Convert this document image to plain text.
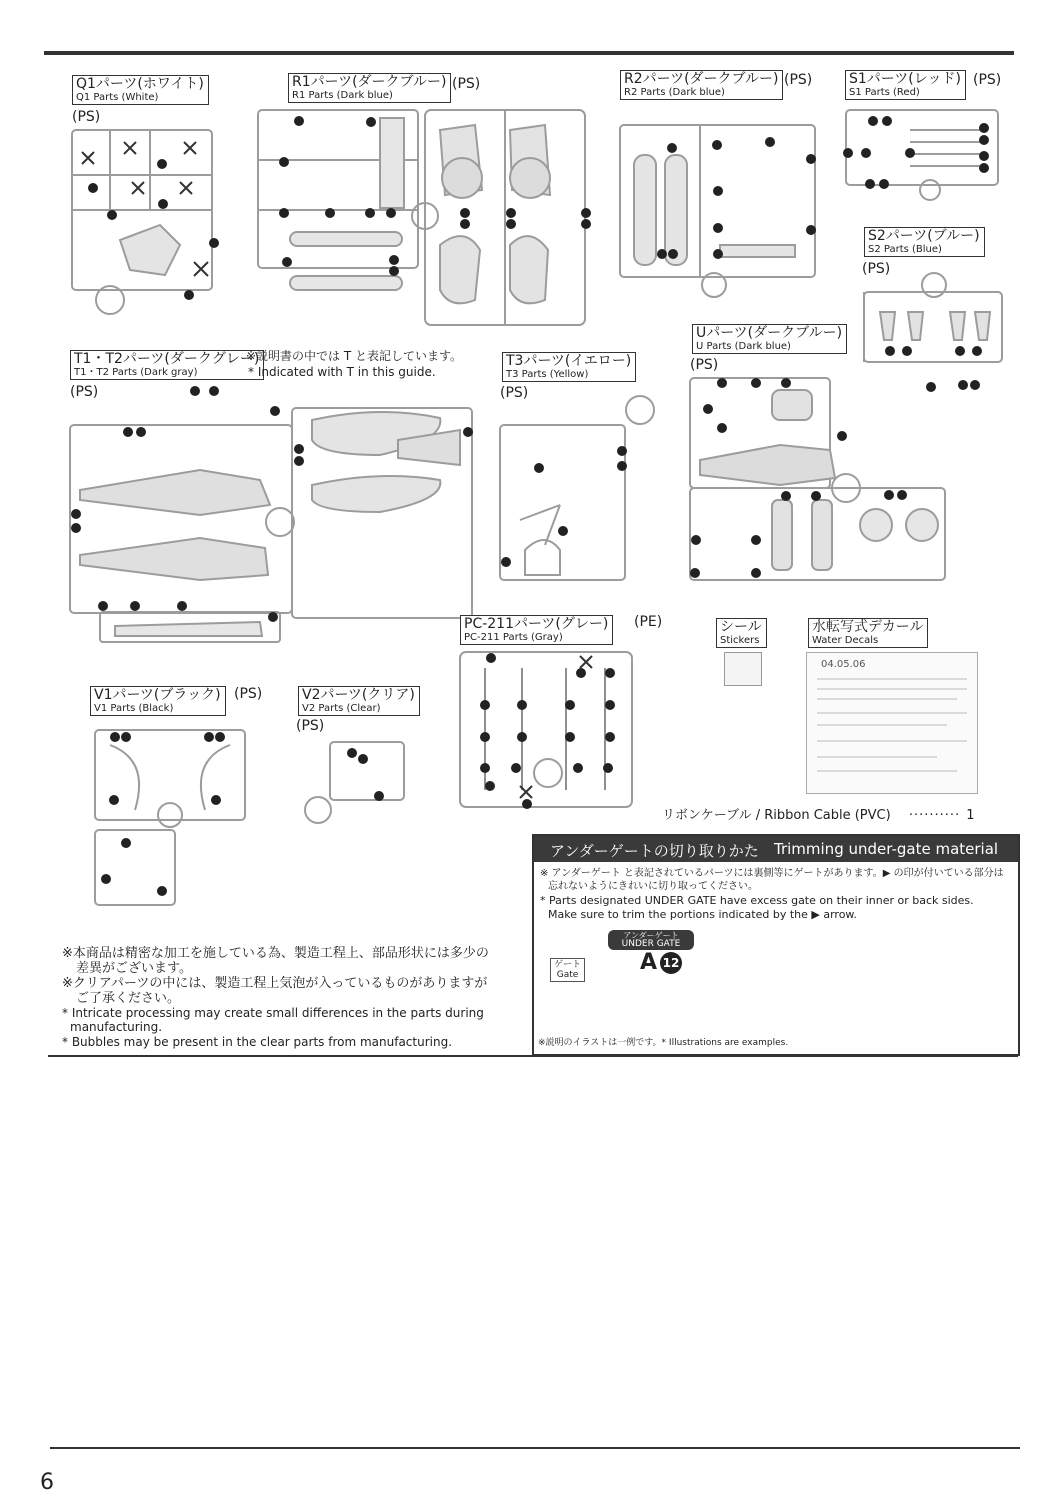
6
Q1パーツ(ホワイト)
Q1 Parts (White)
(PS)
R1パーツ(ダークブルー)
R1 Parts (Dark blue)
(PS)	R2パーツ(ダークブルー)
R2 Parts (Dark blue)
(PS)	S1パーツ(レッド)
S1 Parts (Red)
(PS)
S2パーツ(ブルー)
S2 Parts (Blue)
(PS)
T1・T2パーツ(ダークグレー)
T1・T2 Parts (Dark gray)
(PS)
※説明書の中では T と表記しています。
* Indicated with T in this guide.
T3パーツ(イエロー)
T3 Parts (Yellow)
(PS)
Uパーツ(ダークブルー)
U Parts (Dark blue)
(PS)
PC-211パーツ(グレー)
PC-211 Parts (Gray)
(PE)	シール
Stickers
水転写式デカール
Water Decals
04.05.06
V1パーツ(ブラック)
V1 Parts (Black)
(PS)	V2パーツ(クリア)
V2 Parts (Clear)
(PS)
リボンケーブル / Ribbon Cable (PVC) ·········· 1
アンダーゲートの切り取りかた Trimming under-gate material
※ アンダーゲート と表記されているパーツには裏側等にゲートがあります。▶ の印が付いている部分は
忘れないようにきれいに切り取ってください。
* Parts designated UNDER GATE have excess gate on their inner or back sides.
Make sure to trim the portions indicated by the ▶ arrow.
アンダーゲート
UNDER GATE
A 12
ゲート
Gate
※説明のイラストは一例です。* Illustrations are examples.
※本商品は精密な加工を施している為、製造工程上、部品形状には多少の
差異がございます。
※クリアパーツの中には、製造工程上気泡が入っているものがありますが
ご了承ください。
* Intricate processing may create small differences in the parts during
manufacturing.
* Bubbles may be present in the clear parts from manufacturing.
